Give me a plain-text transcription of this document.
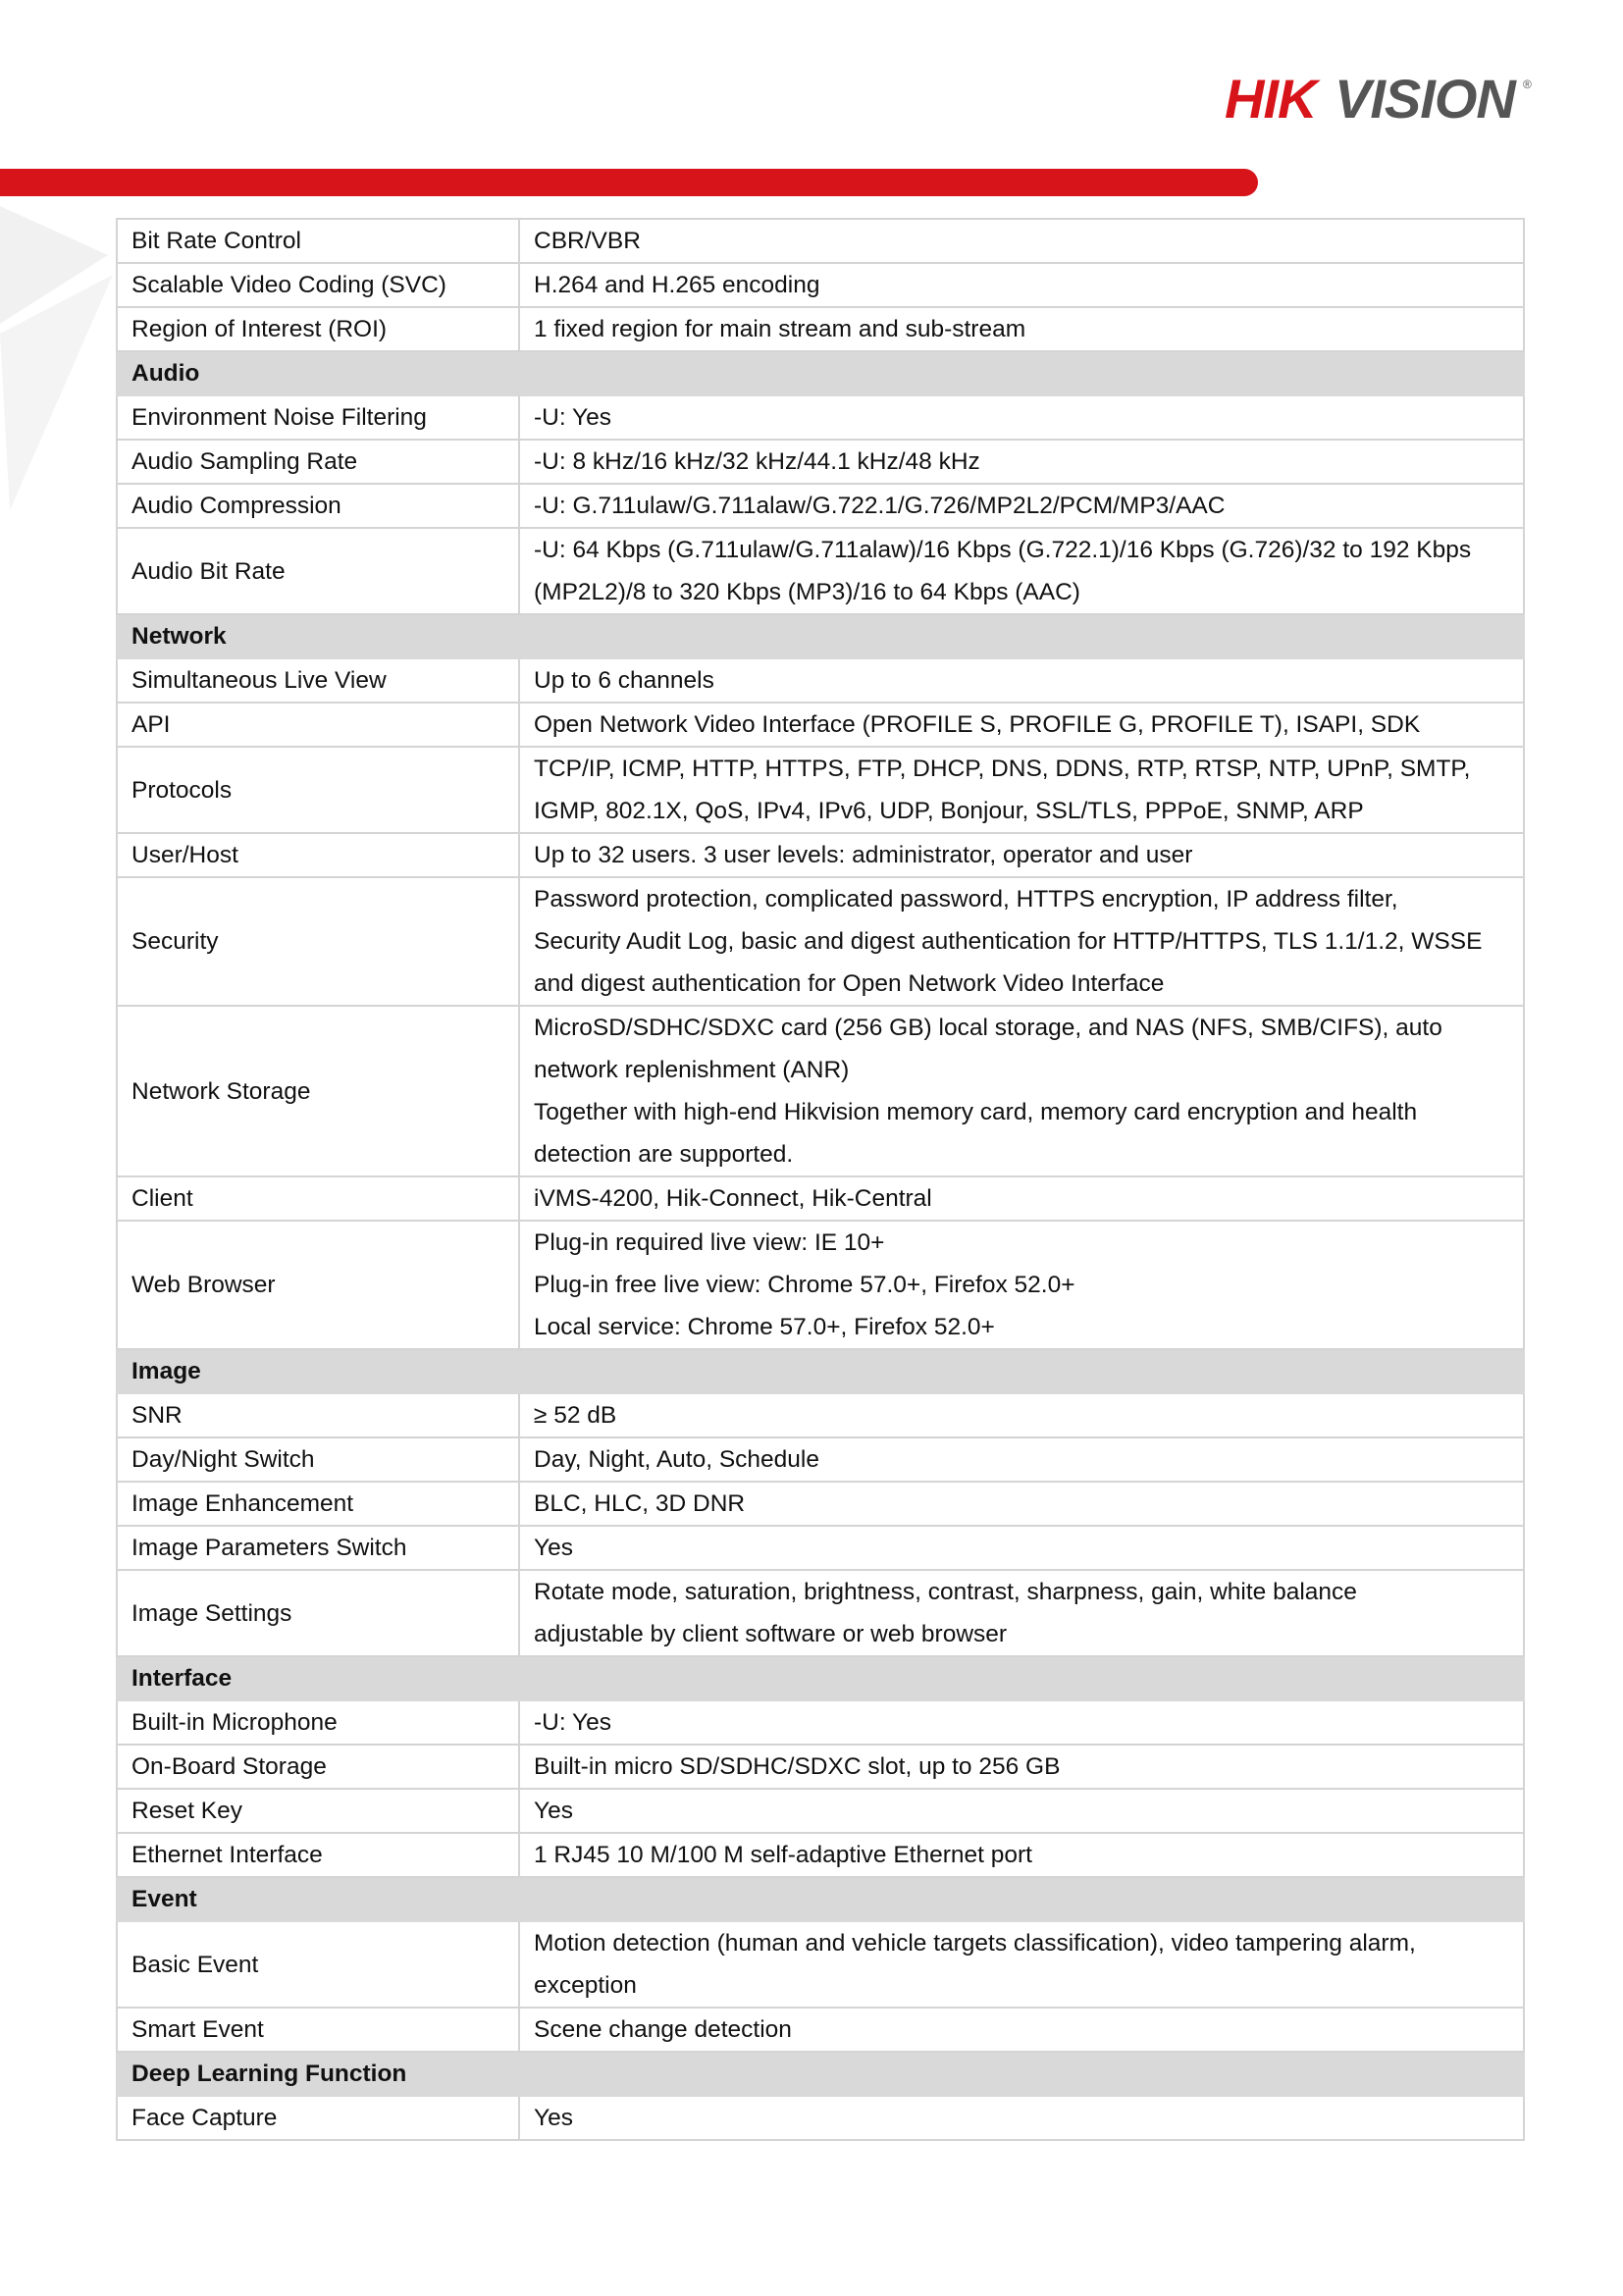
HIK VISION ®
Bit Rate Control	CBR/VBR

Scalable Video Coding (SVC)	H.264 and H.265 encoding

Region of Interest (ROI)	1 fixed region for main stream and sub-stream

Audio	
Environment Noise Filtering	-U: Yes

Audio Sampling Rate	-U: 8 kHz/16 kHz/32 kHz/44.1 kHz/48 kHz

Audio Compression	-U: G.711ulaw/G.711alaw/G.722.1/G.726/MP2L2/PCM/MP3/AAC

Audio Bit Rate	-U: 64 Kbps (G.711ulaw/G.711alaw)/16 Kbps (G.722.1)/16 Kbps (G.726)/32 to 192 Kbps
(MP2L2)/8 to 320 Kbps (MP3)/16 to 64 Kbps (AAC)

Network	
Simultaneous Live View	Up to 6 channels

API	Open Network Video Interface (PROFILE S, PROFILE G, PROFILE T), ISAPI, SDK

Protocols	TCP/IP, ICMP, HTTP, HTTPS, FTP, DHCP, DNS, DDNS, RTP, RTSP, NTP, UPnP, SMTP,
IGMP, 802.1X, QoS, IPv4, IPv6, UDP, Bonjour, SSL/TLS, PPPoE, SNMP, ARP

User/Host	Up to 32 users. 3 user levels: administrator, operator and user

Security	Password protection, complicated password, HTTPS encryption, IP address filter,
Security Audit Log, basic and digest authentication for HTTP/HTTPS, TLS 1.1/1.2, WSSE
and digest authentication for Open Network Video Interface

Network Storage	MicroSD/SDHC/SDXC card (256 GB) local storage, and NAS (NFS, SMB/CIFS), auto
network replenishment (ANR)
Together with high-end Hikvision memory card, memory card encryption and health
detection are supported.

Client	iVMS-4200, Hik-Connect, Hik-Central

Web Browser	Plug-in required live view: IE 10+
Plug-in free live view: Chrome 57.0+, Firefox 52.0+
Local service: Chrome 57.0+, Firefox 52.0+

Image	
SNR	≥ 52 dB

Day/Night Switch	Day, Night, Auto, Schedule

Image Enhancement	BLC, HLC, 3D DNR

Image Parameters Switch	Yes

Image Settings	Rotate mode, saturation, brightness, contrast, sharpness, gain, white balance
adjustable by client software or web browser

Interface	
Built-in Microphone	-U: Yes

On-Board Storage	Built-in micro SD/SDHC/SDXC slot, up to 256 GB

Reset Key	Yes

Ethernet Interface	1 RJ45 10 M/100 M self-adaptive Ethernet port

Event	
Basic Event	Motion detection (human and vehicle targets classification), video tampering alarm,
exception

Smart Event	Scene change detection

Deep Learning Function	
Face Capture	Yes
